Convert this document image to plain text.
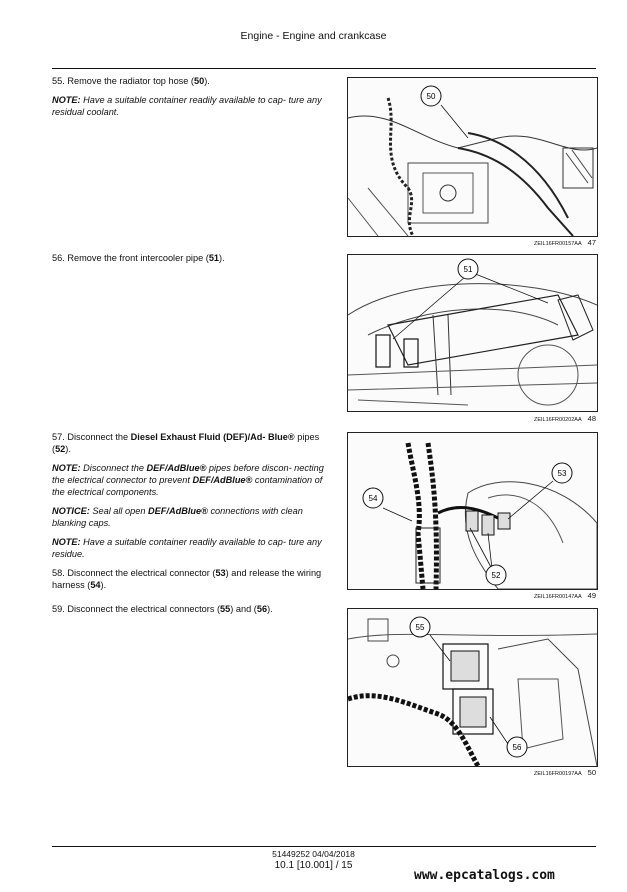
Engine - Engine and crankcase

55. Remove the radiator top hose (50).

NOTE: Have a suitable container readily available to cap- ture any residual coolant.

50
ZEIL16FR00157AA 47

56. Remove the front intercooler pipe (51).

51
ZEIL16FR00202AA 48

57. Disconnect the Diesel Exhaust Fluid (DEF)/Ad- Blue® pipes (52).

NOTE: Disconnect the DEF/AdBlue® pipes before discon- necting the electrical connector to prevent DEF/AdBlue® contamination of the electrical components.

NOTICE: Seal all open DEF/AdBlue® connections with clean blanking caps.

NOTE: Have a suitable container readily available to cap- ture any residue.

58. Disconnect the electrical connector (53) and release the wiring harness (54).

59. Disconnect the electrical connectors (55) and (56).

53
54
52
ZEIL16FR00147AA 49
55
56
ZEIL16FR00197AA 50
51449252 04/04/2018
10.1 [10.001] / 15
www.epcatalogs.com
